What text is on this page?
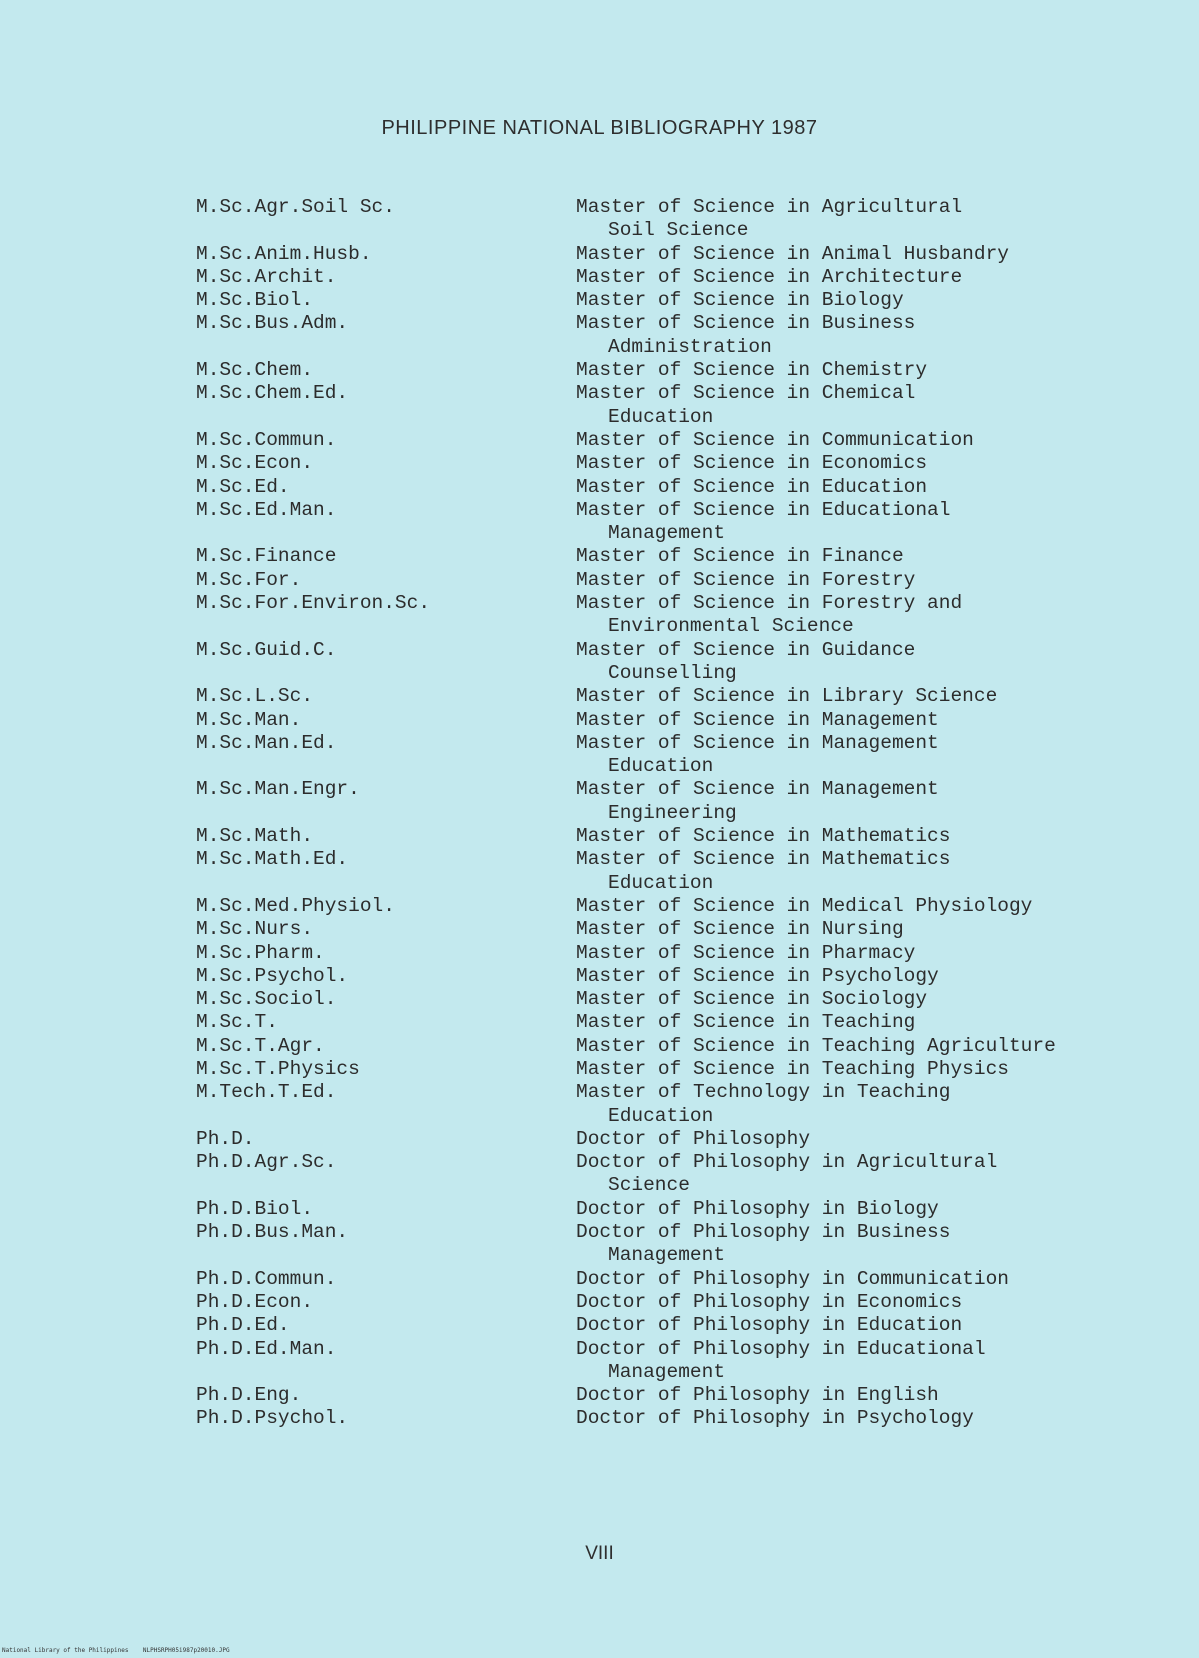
PHILIPPINE NATIONAL BIBLIOGRAPHY 1987
M.Sc.Agr.Soil Sc.	Master of Science in Agricultural
Soil Science
M.Sc.Anim.Husb.	Master of Science in Animal Husbandry
M.Sc.Archit.	Master of Science in Architecture
M.Sc.Biol.	Master of Science in Biology
M.Sc.Bus.Adm.	Master of Science in Business
Administration
M.Sc.Chem.	Master of Science in Chemistry
M.Sc.Chem.Ed.	Master of Science in Chemical
Education
M.Sc.Commun.	Master of Science in Communication
M.Sc.Econ.	Master of Science in Economics
M.Sc.Ed.	Master of Science in Education
M.Sc.Ed.Man.	Master of Science in Educational
Management
M.Sc.Finance	Master of Science in Finance
M.Sc.For.	Master of Science in Forestry
M.Sc.For.Environ.Sc.	Master of Science in Forestry and
Environmental Science
M.Sc.Guid.C.	Master of Science in Guidance
Counselling
M.Sc.L.Sc.	Master of Science in Library Science
M.Sc.Man.	Master of Science in Management
M.Sc.Man.Ed.	Master of Science in Management
Education
M.Sc.Man.Engr.	Master of Science in Management
Engineering
M.Sc.Math.	Master of Science in Mathematics
M.Sc.Math.Ed.	Master of Science in Mathematics
Education
M.Sc.Med.Physiol.	Master of Science in Medical Physiology
M.Sc.Nurs.	Master of Science in Nursing
M.Sc.Pharm.	Master of Science in Pharmacy
M.Sc.Psychol.	Master of Science in Psychology
M.Sc.Sociol.	Master of Science in Sociology
M.Sc.T.	Master of Science in Teaching
M.Sc.T.Agr.	Master of Science in Teaching Agriculture
M.Sc.T.Physics	Master of Science in Teaching Physics
M.Tech.T.Ed.	Master of Technology in Teaching
Education
Ph.D.	Doctor of Philosophy
Ph.D.Agr.Sc.	Doctor of Philosophy in Agricultural
Science
Ph.D.Biol.	Doctor of Philosophy in Biology
Ph.D.Bus.Man.	Doctor of Philosophy in Business
Management
Ph.D.Commun.	Doctor of Philosophy in Communication
Ph.D.Econ.	Doctor of Philosophy in Economics
Ph.D.Ed.	Doctor of Philosophy in Education
Ph.D.Ed.Man.	Doctor of Philosophy in Educational
Management
Ph.D.Eng.	Doctor of Philosophy in English
Ph.D.Psychol.	Doctor of Philosophy in Psychology
VIII
National Library of the Philippines    NLPHSRPH05i987p20010.JPG
